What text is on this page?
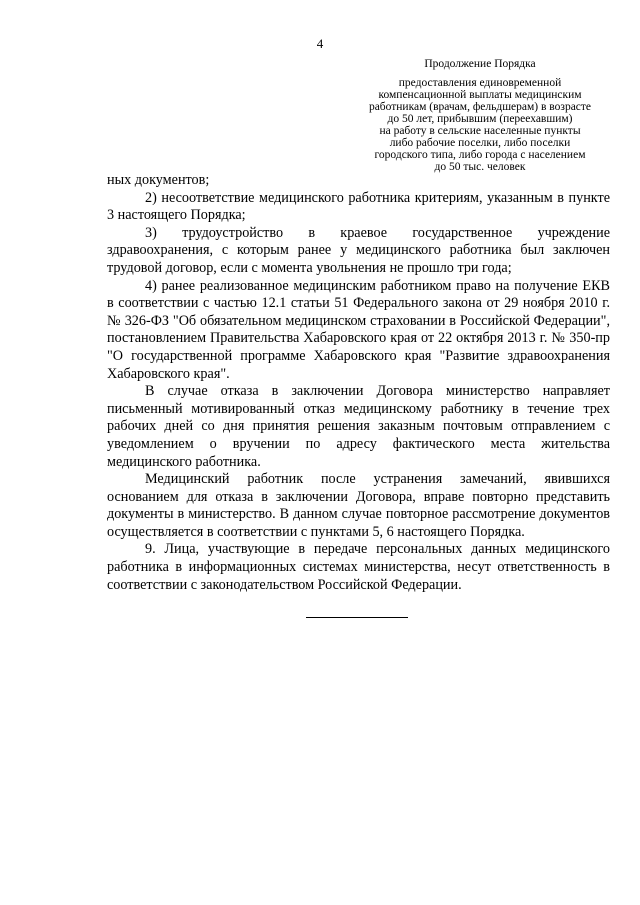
4
Продолжение Порядка
предоставления единовременной
компенсационной выплаты медицинским
работникам (врачам, фельдшерам) в возрасте
до 50 лет, прибывшим (переехавшим)
на работу в сельские населенные пункты
либо рабочие поселки, либо поселки
городского типа, либо города с населением
до 50 тыс. человек

ных документов;

2) несоответствие медицинского работника критериям, указанным в пункте 3 настоящего Порядка;

3) трудоустройство в краевое государственное учреждение здравоохранения, с которым ранее у медицинского работника был заключен трудовой договор, если с момента увольнения не прошло три года;

4) ранее реализованное медицинским работником право на получение ЕКВ в соответствии с частью 12.1 статьи 51 Федерального закона от 29 ноября 2010 г. № 326-ФЗ "Об обязательном медицинском страховании в Российской Федерации", постановлением Правительства Хабаровского края от 22 октября 2013 г. № 350-пр "О государственной программе Хабаровского края "Развитие здравоохранения Хабаровского края".

В случае отказа в заключении Договора министерство направляет письменный мотивированный отказ медицинскому работнику в течение трех рабочих дней со дня принятия решения заказным почтовым отправлением с уведомлением о вручении по адресу фактического места жительства медицинского работника.

Медицинский работник после устранения замечаний, явившихся основанием для отказа в заключении Договора, вправе повторно представить документы в министерство. В данном случае повторное рассмотрение документов осуществляется в соответствии с пунктами 5, 6 настоящего Порядка.

9. Лица, участвующие в передаче персональных данных медицинского работника в информационных системах министерства, несут ответственность в соответствии с законодательством Российской Федерации.
